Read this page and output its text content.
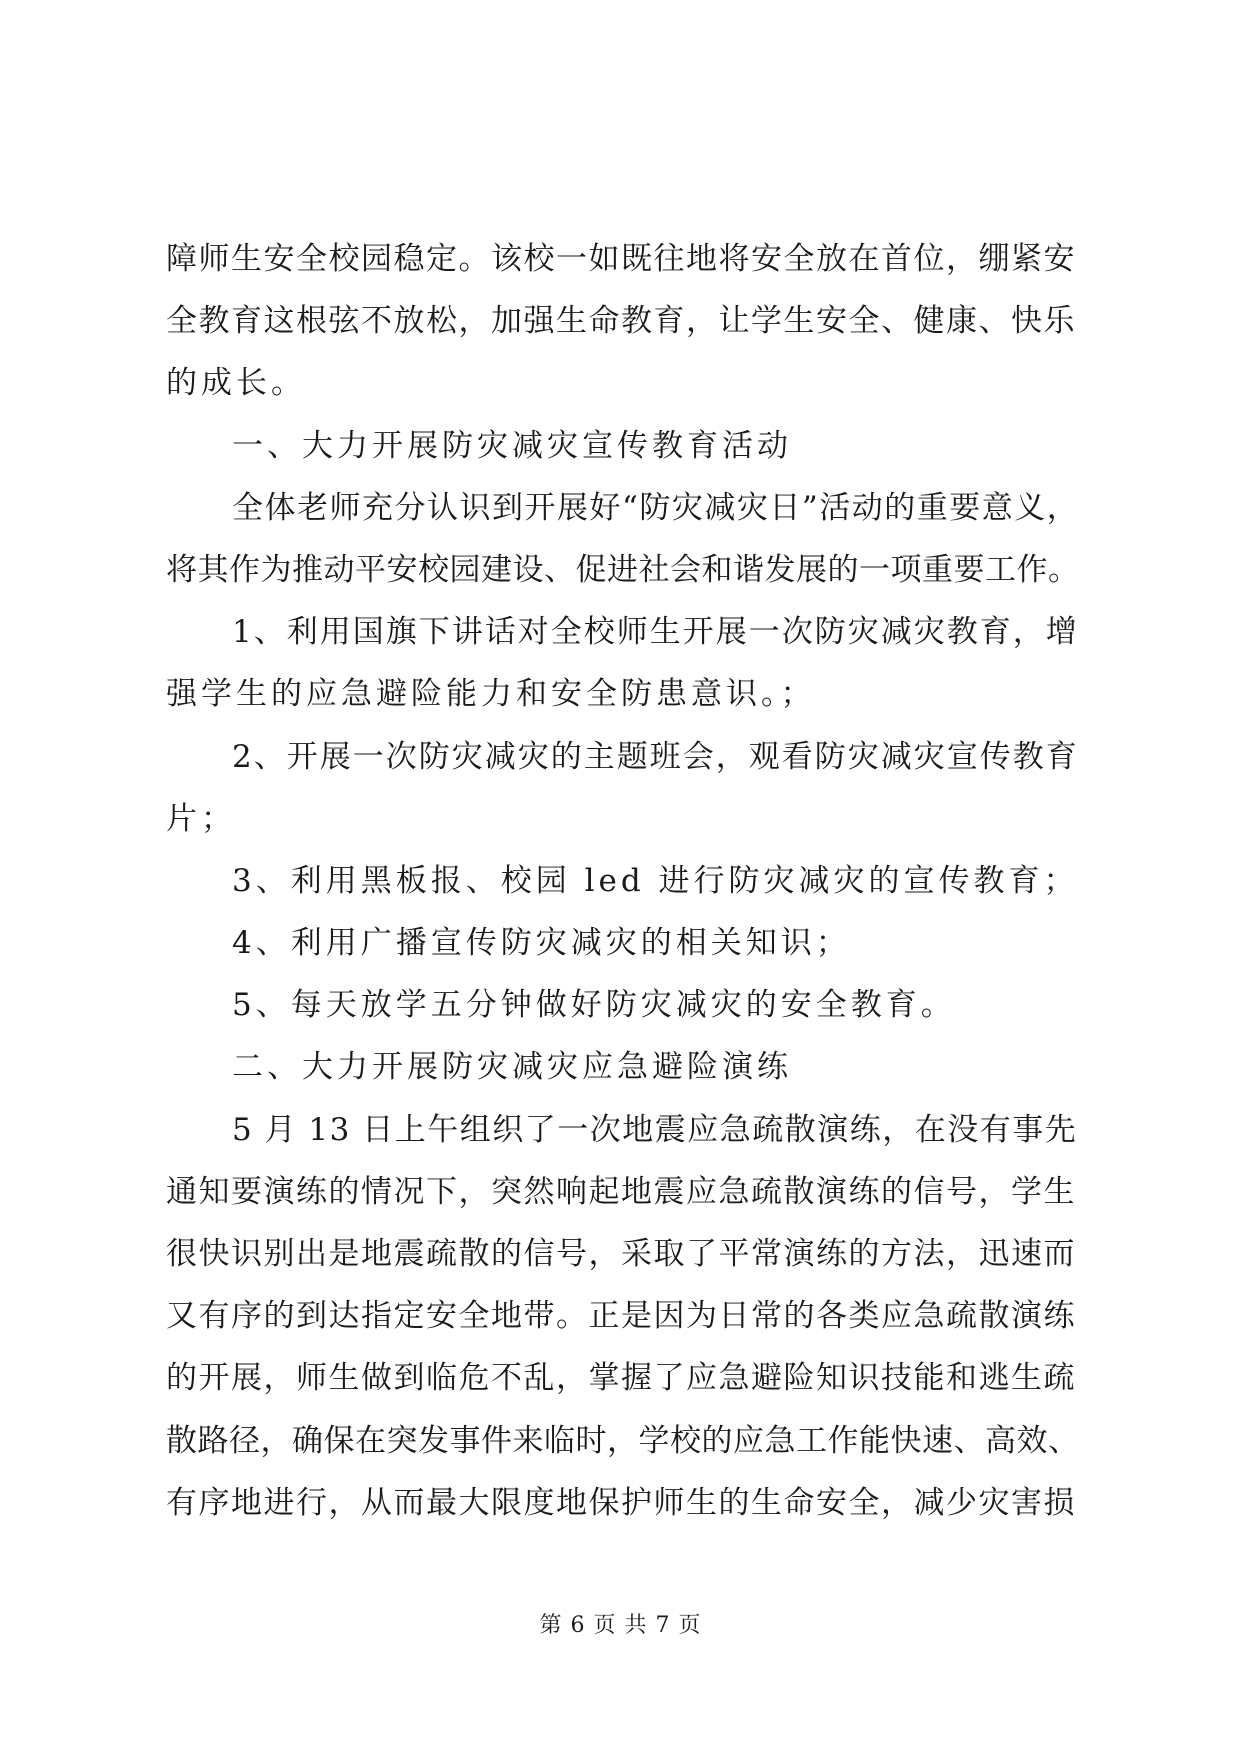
障师生安全校园稳定。该校一如既往地将安全放在首位，绷紧安
全教育这根弦不放松，加强生命教育，让学生安全、健康、快乐
的成长。
一、大力开展防灾减灾宣传教育活动
全体老师充分认识到开展好“防灾减灾日”活动的重要意义，
将其作为推动平安校园建设、促进社会和谐发展的一项重要工作。
1、利用国旗下讲话对全校师生开展一次防灾减灾教育，增
强学生的应急避险能力和安全防患意识。；
2、开展一次防灾减灾的主题班会，观看防灾减灾宣传教育
片；
3、利用黑板报、校园 led 进行防灾减灾的宣传教育；
4、利用广播宣传防灾减灾的相关知识；
5、每天放学五分钟做好防灾减灾的安全教育。
二、大力开展防灾减灾应急避险演练
5 月 13 日上午组织了一次地震应急疏散演练，在没有事先
通知要演练的情况下，突然响起地震应急疏散演练的信号，学生
很快识别出是地震疏散的信号，采取了平常演练的方法，迅速而
又有序的到达指定安全地带。正是因为日常的各类应急疏散演练
的开展，师生做到临危不乱，掌握了应急避险知识技能和逃生疏
散路径，确保在突发事件来临时，学校的应急工作能快速、高效、
有序地进行，从而最大限度地保护师生的生命安全，减少灾害损
第 6 页 共 7 页
